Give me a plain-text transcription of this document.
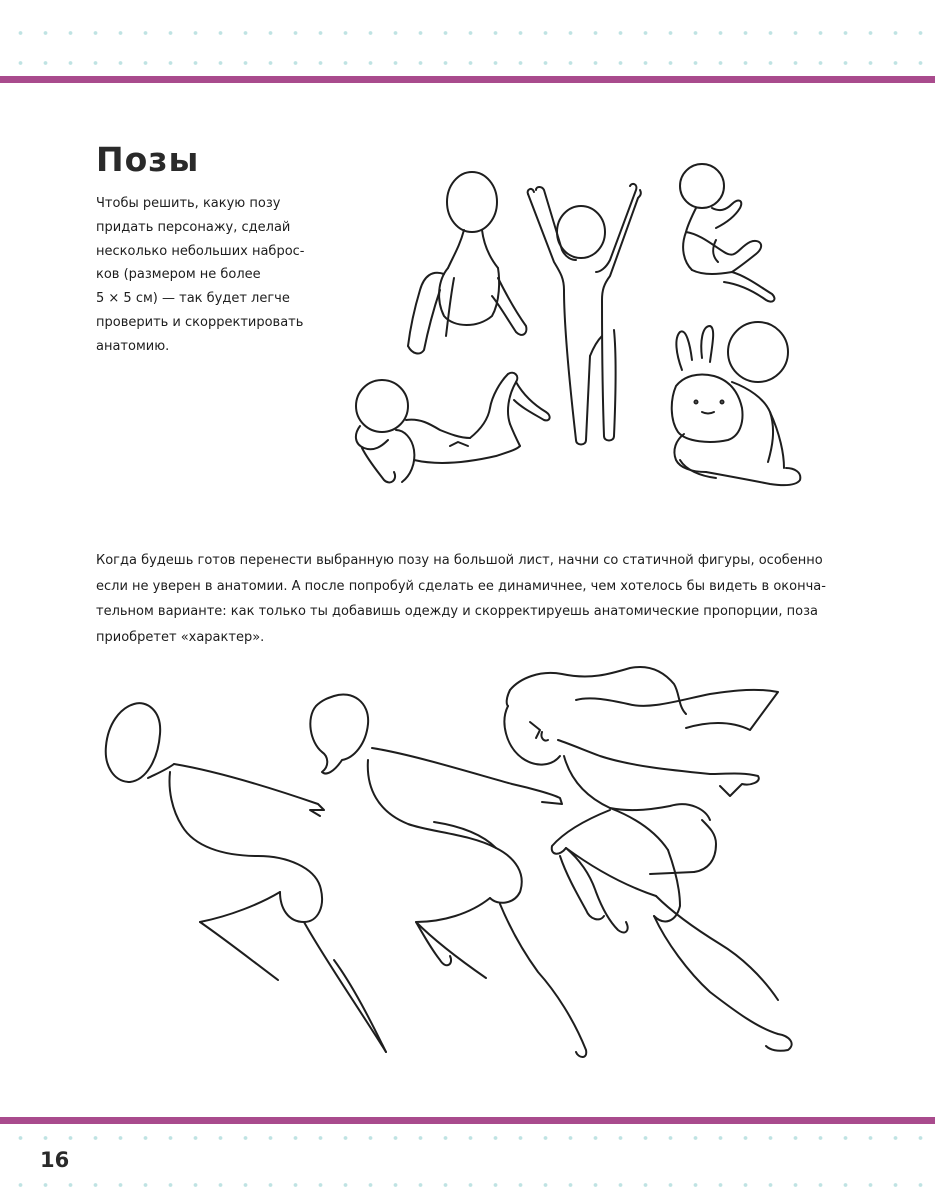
Позы

Чтобы решить, какую позу
придать персонажу, сделай
несколько небольших наброс-
ков (размером не более
5 × 5 см) — так будет легче
проверить и скорректировать
анатомию.

Когда будешь готов перенести выбранную позу на большой лист, начни со статичной фигуры, особенно
если не уверен в анатомии. А после попробуй сделать ее динамичнее, чем хотелось бы видеть в оконча-
тельном варианте: как только ты добавишь одежду и скорректируешь анатомические пропорции, поза
приобретет «характер».

16
